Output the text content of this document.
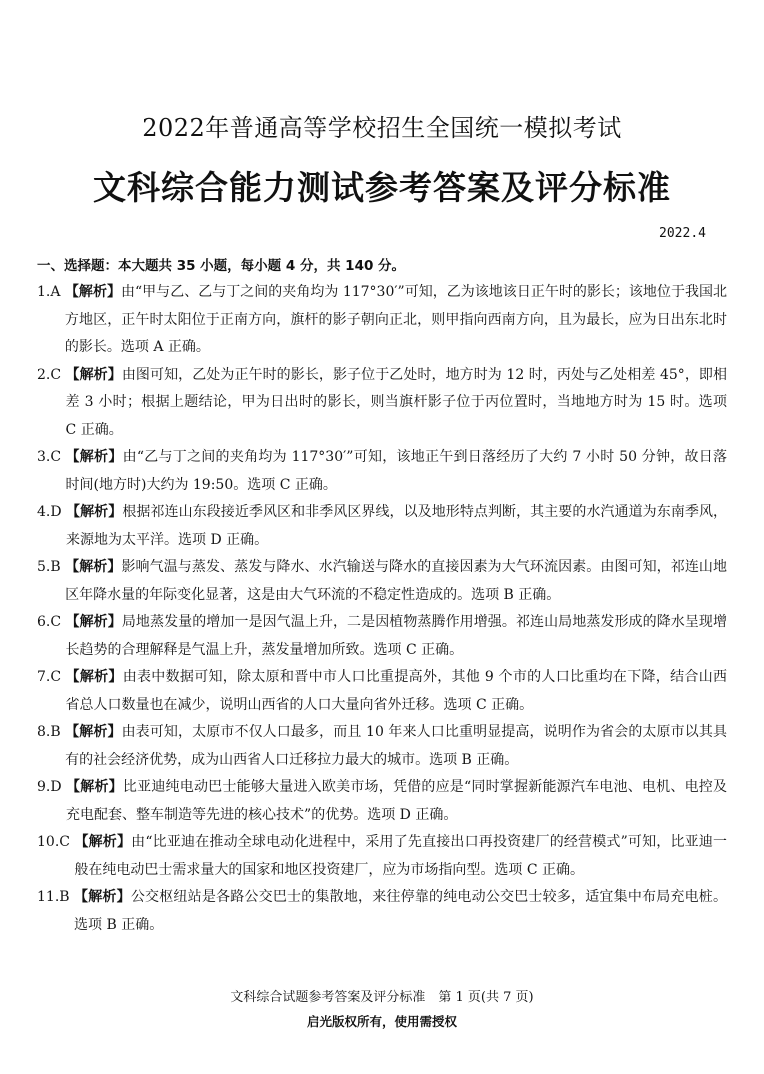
2022年普通高等学校招生全国统一模拟考试
文科综合能力测试参考答案及评分标准
2022.4
一、选择题：本大题共 35 小题，每小题 4 分，共 140 分。
1.A 【解析】由“甲与乙、乙与丁之间的夹角均为 117°30′”可知，乙为该地该日正午时的影长；该地位于我国北方地区，正午时太阳位于正南方向，旗杆的影子朝向正北，则甲指向西南方向，且为最长，应为日出东北时的影长。选项 A 正确。
2.C 【解析】由图可知，乙处为正午时的影长，影子位于乙处时，地方时为 12 时，丙处与乙处相差 45°，即相差 3 小时；根据上题结论，甲为日出时的影长，则当旗杆影子位于丙位置时，当地地方时为 15 时。选项 C 正确。
3.C 【解析】由“乙与丁之间的夹角均为 117°30′”可知，该地正午到日落经历了大约 7 小时 50 分钟，故日落时间(地方时)大约为 19:50。选项 C 正确。
4.D 【解析】根据祁连山东段接近季风区和非季风区界线，以及地形特点判断，其主要的水汽通道为东南季风，来源地为太平洋。选项 D 正确。
5.B 【解析】影响气温与蒸发、蒸发与降水、水汽输送与降水的直接因素为大气环流因素。由图可知，祁连山地区年降水量的年际变化显著，这是由大气环流的不稳定性造成的。选项 B 正确。
6.C 【解析】局地蒸发量的增加一是因气温上升，二是因植物蒸腾作用增强。祁连山局地蒸发形成的降水呈现增长趋势的合理解释是气温上升，蒸发量增加所致。选项 C 正确。
7.C 【解析】由表中数据可知，除太原和晋中市人口比重提高外，其他 9 个市的人口比重均在下降，结合山西省总人口数量也在减少，说明山西省的人口大量向省外迁移。选项 C 正确。
8.B 【解析】由表可知，太原市不仅人口最多，而且 10 年来人口比重明显提高，说明作为省会的太原市以其具有的社会经济优势，成为山西省人口迁移拉力最大的城市。选项 B 正确。
9.D 【解析】比亚迪纯电动巴士能够大量进入欧美市场，凭借的应是“同时掌握新能源汽车电池、电机、电控及充电配套、整车制造等先进的核心技术”的优势。选项 D 正确。
10.C 【解析】由“比亚迪在推动全球电动化进程中，采用了先直接出口再投资建厂的经营模式”可知，比亚迪一般在纯电动巴士需求量大的国家和地区投资建厂，应为市场指向型。选项 C 正确。
11.B 【解析】公交枢纽站是各路公交巴士的集散地，来往停靠的纯电动公交巴士较多，适宜集中布局充电桩。选项 B 正确。
文科综合试题参考答案及评分标准　第 1 页(共 7 页)
启光版权所有，使用需授权
